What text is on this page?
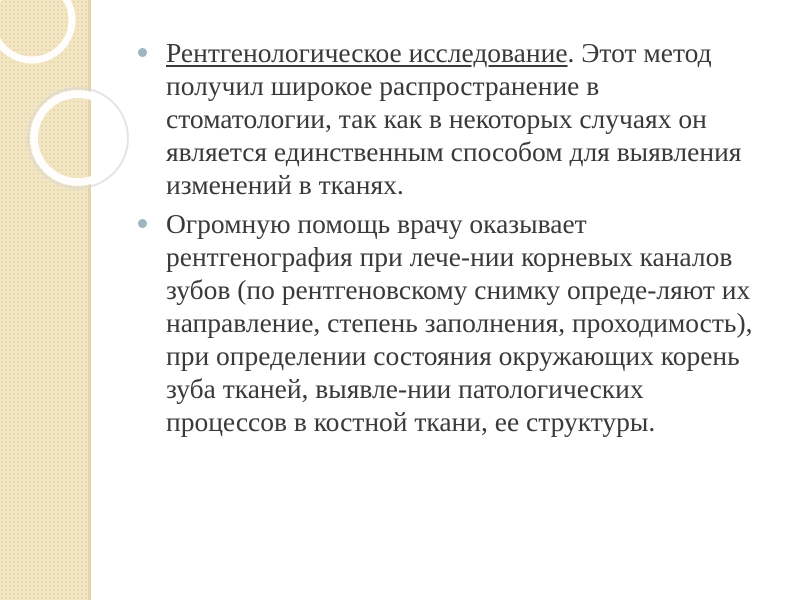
Рентгенологическое исследование. Этот метод получил широкое распространение в стоматологии, так как в некоторых случаях он является единственным способом для выявления изменений в тканях.
Огромную помощь врачу оказывает рентгенография при лече-нии корневых каналов зубов (по рентгеновскому снимку опреде-ляют их направление, степень заполнения, проходимость), при определении состояния окружающих корень зуба тканей, выявле-нии патологических процессов в костной ткани, ее структуры.
